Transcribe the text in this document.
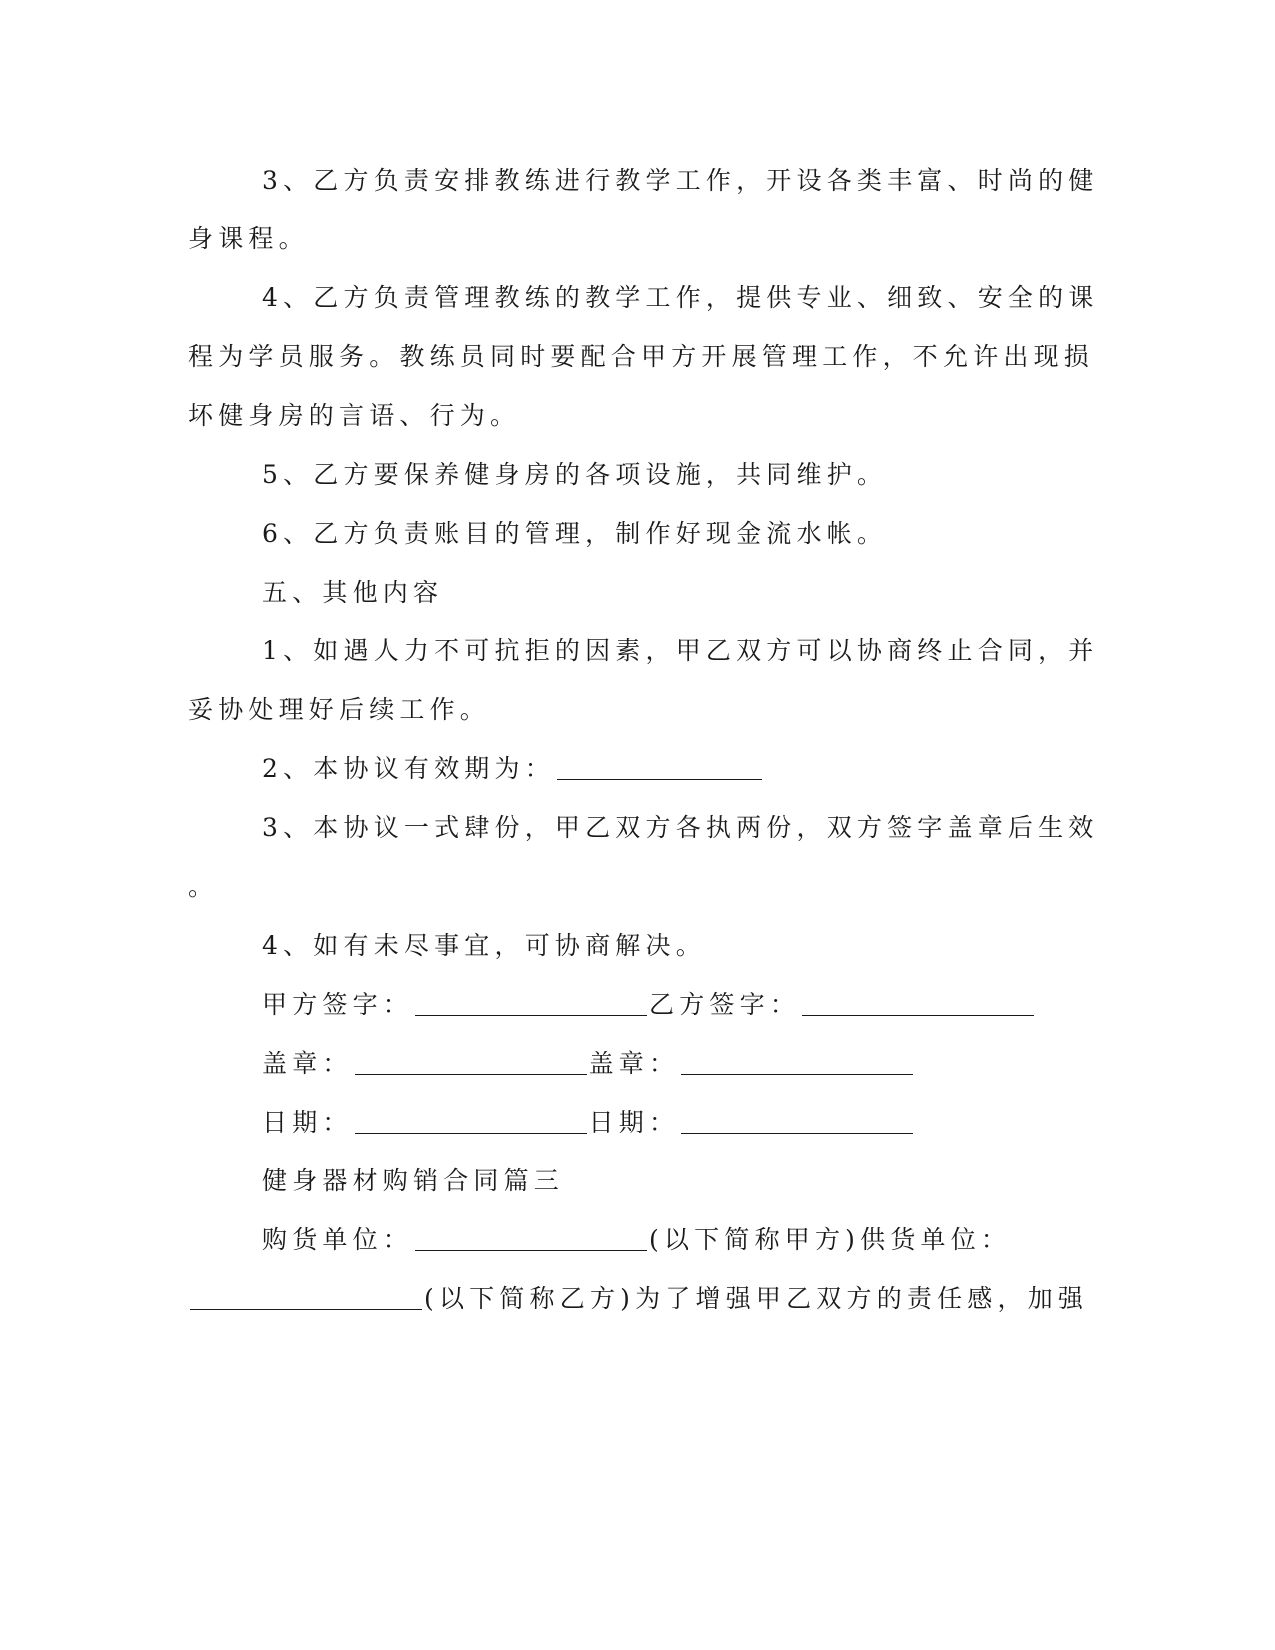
3、乙方负责安排教练进行教学工作，开设各类丰富、时尚的健
身课程。
4、乙方负责管理教练的教学工作，提供专业、细致、安全的课
程为学员服务。教练员同时要配合甲方开展管理工作，不允许出现损
坏健身房的言语、行为。
5、乙方要保养健身房的各项设施，共同维护。
6、乙方负责账目的管理，制作好现金流水帐。
五、其他内容
1、如遇人力不可抗拒的因素，甲乙双方可以协商终止合同，并
妥协处理好后续工作。
2、本协议有效期为：
3、本协议一式肆份，甲乙双方各执两份，双方签字盖章后生效
。
4、如有未尽事宜，可协商解决。
甲方签字：	乙方签字：
盖章：	盖章：
日期：	日期：
健身器材购销合同篇三
购货单位：	(以下简称甲方)供货单位：
(以下简称乙方)为了增强甲乙双方的责任感，加强
